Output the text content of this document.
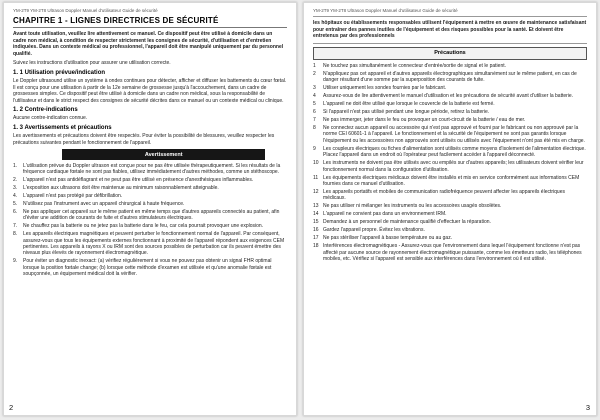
YM-2T9 YM-2T8 Ultrason Doppler Manuel d'utilisateur Guide de sécurité
CHAPITRE 1 - LIGNES DIRECTRICES DE SÉCURITÉ
Avant toute utilisation, veuillez lire attentivement ce manuel. Ce dispositif peut être utilisé à domicile dans un cadre non médical, à condition de respecter strictement les consignes de sécurité, d'utilisation et d'entretien indiquées. Dans un contexte médical ou professionnel, l'appareil doit être manipulé uniquement par du personnel qualifié.
Suivez les instructions d'utilisation pour assurer une utilisation correcte.
1. 1 Utilisation prévue/indication
Le Doppler ultrasound utilise un système à ondes continues pour détecter, afficher et diffuser les battements du cœur fœtal. Il est conçu pour une utilisation à partir de la 12e semaine de grossesse jusqu'à l'accouchement, dans un cadre de grossesses simples. Ce dispositif peut être utilisé à domicile dans un cadre non médical, sous la responsabilité de l'utilisateur et dans le strict respect des consignes de sécurité décrites dans ce manuel ou un contexte médical ou clinique.
1. 2 Contre-indications
Aucune contre-indication connue.
1. 3 Avertissements et précautions
Les avertissements et précautions doivent être respectés. Pour éviter la possibilité de blessures, veuillez respecter les précautions suivantes pendant le fonctionnement de l'appareil.
Avertissement
1.	L'utilisation prévue du Doppler ultrason est conçue pour ne pas être utilisée thérapeutiquement. Si les résultats de la fréquence cardiaque fœtale ne sont pas fiables, utilisez immédiatement d'autres méthodes, comme un stéthoscope.
2.	L'appareil n'est pas antidéflagrant et ne peut pas être utilisé en présence d'anesthésiques inflammables.
3.	L'exposition aux ultrasons doit être maintenue au minimum raisonnablement atteignable.
4.	L'appareil n'est pas protégé par défibrillation.
5.	N'utilisez pas l'instrument avec un appareil chirurgical à haute fréquence.
6.	Ne pas appliquer cet appareil sur le même patient en même temps que d'autres appareils connectés au patient, afin d'éviter une addition de courants de fuite et d'autres stimulateurs électriques.
7.	Ne chauffez pas la batterie ou ne jetez pas la batterie dans le feu, car cela pourrait provoquer une explosion.
8.	Les appareils électriques magnétiques et peuvent perturber le fonctionnement normal de l'appareil. Par conséquent, assurez-vous que tous les équipements externes fonctionnant à proximité de l'appareil répondent aux exigences CEM pertinentes. Les appareils à rayons X ou IRM sont des sources possibles de perturbation car ils peuvent émettre des niveaux plus élevés de rayonnement électromagnétique.
9.	Pour éviter un diagnostic inexact: (a) vérifiez régulièrement si vous ne pouvez pas obtenir un signal FHR optimal lorsque la position fœtale change; (b) lorsque cette méthode d'examen est utilisée et qu'une anomalie fœtale est soupçonnée, un équipement médical doit la vérifier.
2
YM-2T9 YM-2T8 Ultrason Doppler Manuel d'utilisateur Guide de sécurité
les hôpitaux ou établissements responsables utilisent l'équipement à mettre en œuvre de maintenance satisfaisant pour entraîner des pannes inutiles de l'équipement et des risques possibles pour la santé. Et doivent être entretenus par des professionnels
Précautions
1	Ne touchez pas simultanément le connecteur d'entrée/sortie de signal et le patient.
2	N'appliquez pas cet appareil et d'autres appareils électrographiques simultanément sur le même patient, en cas de danger résultant d'une somme par la superposition des courants de fuite.
3	Utiliser uniquement les sondes fournies par le fabricant.
4	Assurez-vous de lire attentivement le manuel d'utilisation et les précautions de sécurité avant d'utiliser la batterie.
5	L'appareil ne doit être utilisé que lorsque le couvercle de la batterie est fermé.
6	Si l'appareil n'est pas utilisé pendant une longue période, retirez la batterie.
7	Ne pas immerger, jeter dans le feu ou provoquer un court-circuit de la batterie / eau de mer.
8	Ne connectez aucun appareil ou accessoire qui n'est pas approuvé et fourni par le fabricant ou non approuvé par la norme CEI 60601-1 à l'appareil. Le fonctionnement et la sécurité de l'équipement ne sont pas garantis lorsque l'équipement ou les accessoires non approuvés sont utilisés ou utilisés avec l'équipement n'ont pas été mis en charge.
9	Les coupleurs électriques ou fiches d'alimentation sont utilisés comme moyens d'isolement de l'alimentation électrique. Placez l'appareil dans un endroit où l'opérateur peut facilement accéder à l'appareil déconnecté.
10 Les instruments ne doivent pas être utilisés avec ou empilés sur d'autres appareils; les utilisateurs doivent vérifier leur fonctionnement normal dans la configuration d'utilisation.
11 Les équipements électriques médicaux doivent être installés et mis en service conformément aux informations CEM fournies dans ce manuel d'utilisation.
12 Les appareils portatifs et mobiles de communication radiofréquence peuvent affecter les appareils électriques médicaux.
13 Ne pas utiliser ni mélanger les instruments ou les accessoires usagés obsolètes.
14 L'appareil ne convient pas dans un environnement IRM.
15 Demandez à un personnel de maintenance qualifié d'effectuer la réparation.
16 Gardez l'appareil propre. Évitez les vibrations.
17 Ne pas stériliser l'appareil à basse température ou au gaz.
18 Interférences électromagnétiques - Assurez-vous que l'environnement dans lequel l'équipement fonctionne n'est pas affecté par aucune source de rayonnement électromagnétique puissante, comme les émetteurs radio, les téléphones mobiles, etc. Vérifiez si l'appareil est sensible aux interférences dans l'environnement où il est utilisé.
3
